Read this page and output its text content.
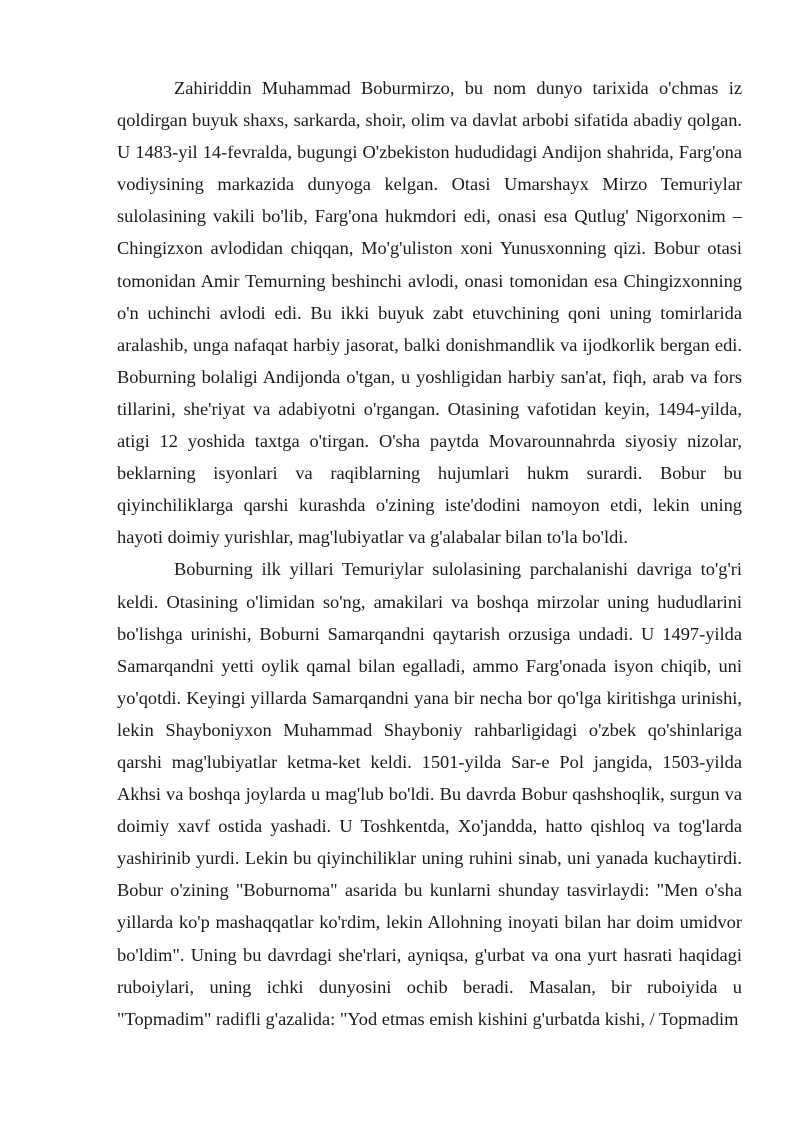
Zahiriddin Muhammad Boburmirzo, bu nom dunyo tarixida o'chmas iz qoldirgan buyuk shaxs, sarkarda, shoir, olim va davlat arbobi sifatida abadiy qolgan. U 1483-yil 14-fevralda, bugungi O'zbekiston hududidagi Andijon shahrida, Farg'ona vodiysining markazida dunyoga kelgan. Otasi Umarshayx Mirzo Temuriylar sulolasining vakili bo'lib, Farg'ona hukmdori edi, onasi esa Qutlug' Nigorxonim – Chingizxon avlodidan chiqqan, Mo'g'uliston xoni Yunusxonning qizi. Bobur otasi tomonidan Amir Temurning beshinchi avlodi, onasi tomonidan esa Chingizxonning o'n uchinchi avlodi edi. Bu ikki buyuk zabt etuvchining qoni uning tomirlarida aralashib, unga nafaqat harbiy jasorat, balki donishmandlik va ijodkorlik bergan edi. Boburning bolaligi Andijonda o'tgan, u yoshligidan harbiy san'at, fiqh, arab va fors tillarini, she'riyat va adabiyotni o'rgangan. Otasining vafotidan keyin, 1494-yilda, atigi 12 yoshida taxtga o'tirgan. O'sha paytda Movarounnahrda siyosiy nizolar, beklarning isyonlari va raqiblarning hujumlari hukm surardi. Bobur bu qiyinchiliklarga qarshi kurashda o'zining iste'dodini namoyon etdi, lekin uning hayoti doimiy yurishlar, mag'lubiyatlar va g'alabalar bilan to'la bo'ldi.

Boburning ilk yillari Temuriylar sulolasining parchalanishi davriga to'g'ri keldi. Otasining o'limidan so'ng, amakilari va boshqa mirzolar uning hududlarini bo'lishga urinishi, Boburni Samarqandni qaytarish orzusiga undadi. U 1497-yilda Samarqandni yetti oylik qamal bilan egalladi, ammo Farg'onada isyon chiqib, uni yo'qotdi. Keyingi yillarda Samarqandni yana bir necha bor qo'lga kiritishga urinishi, lekin Shayboniyxon Muhammad Shayboniy rahbarligidagi o'zbek qo'shinlariga qarshi mag'lubiyatlar ketma-ket keldi. 1501-yilda Sar-e Pol jangida, 1503-yilda Akhsi va boshqa joylarda u mag'lub bo'ldi. Bu davrda Bobur qashshoqlik, surgun va doimiy xavf ostida yashadi. U Toshkentda, Xo'jandda, hatto qishloq va tog'larda yashirinib yurdi. Lekin bu qiyinchiliklar uning ruhini sinab, uni yanada kuchaytirdi. Bobur o'zining "Boburnoma" asarida bu kunlarni shunday tasvirlaydi: "Men o'sha yillarda ko'p mashaqqatlar ko'rdim, lekin Allohning inoyati bilan har doim umidvor bo'ldim". Uning bu davrdagi she'rlari, ayniqsa, g'urbat va ona yurt hasrati haqidagi ruboiylari, uning ichki dunyosini ochib beradi. Masalan, bir ruboiyida u "Topmadim" radifli g'azalida: "Yod etmas emish kishini g'urbatda kishi, / Topmadim
